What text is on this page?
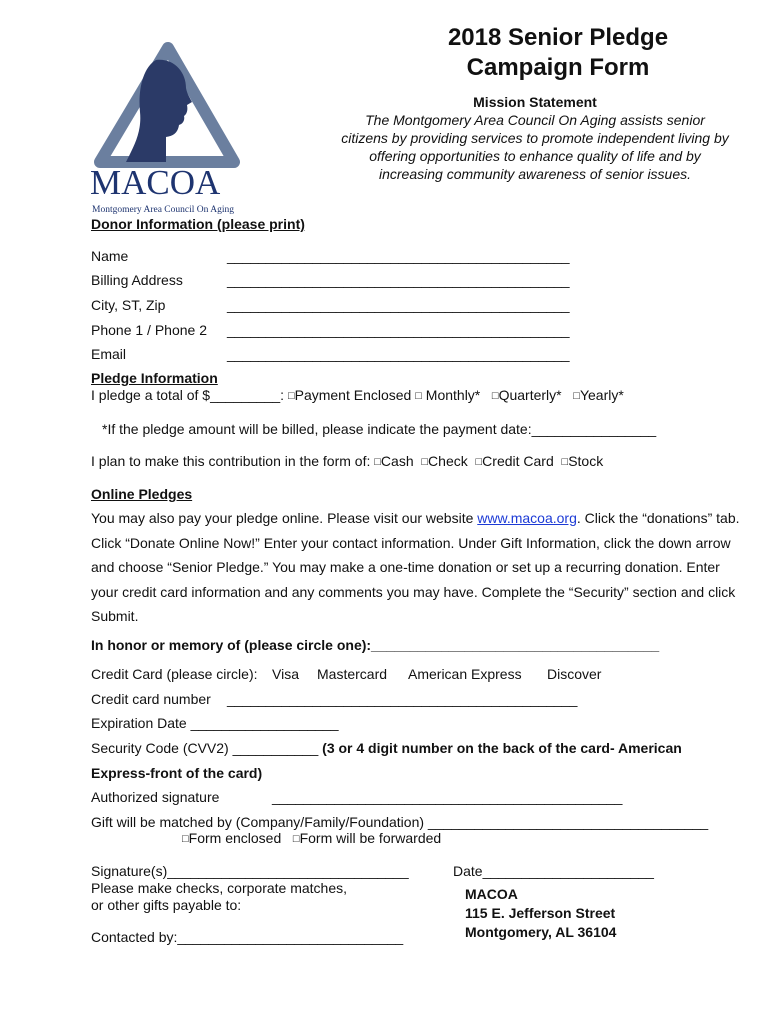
MACOA
Montgomery Area Council On Aging
2018 Senior Pledge
Campaign Form
Mission Statement
The Montgomery Area Council On Aging assists senior
citizens by providing services to promote independent living by
offering opportunities to enhance quality of life and by
increasing community awareness of senior issues.
Donor Information (please print)
Name	____________________________________________
Billing Address	____________________________________________
City, ST, Zip	____________________________________________
Phone 1 / Phone 2 ____________________________________________
Email	____________________________________________
Pledge Information
I pledge a total of $_________: □Payment Enclosed □ Monthly* □Quarterly* □Yearly*
*If the pledge amount will be billed, please indicate the payment date:________________
I plan to make this contribution in the form of: □Cash □Check □Credit Card □Stock
Online Pledges
You may also pay your pledge online. Please visit our website www.macoa.org. Click the “donations” tab.
Click “Donate Online Now!” Enter your contact information. Under Gift Information, click the down arrow
and choose “Senior Pledge.” You may make a one-time donation or set up a recurring donation. Enter
your credit card information and any comments you may have. Complete the “Security” section and click
Submit.
In honor or memory of (please circle one):_____________________________________
Credit Card (please circle): Visa Mastercard American Express Discover
Credit card number _____________________________________________
Expiration Date ___________________
Security Code (CVV2) ___________ (3 or 4 digit number on the back of the card- American
Express-front of the card)
Authorized signature	_____________________________________________
Gift will be matched by (Company/Family/Foundation) ____________________________________
□Form enclosed □Form will be forwarded
Signature(s)_______________________________	Date______________________
Please make checks, corporate matches,
or other gifts payable to:
Contacted by:_____________________________
MACOA
115 E. Jefferson Street
Montgomery, AL 36104
